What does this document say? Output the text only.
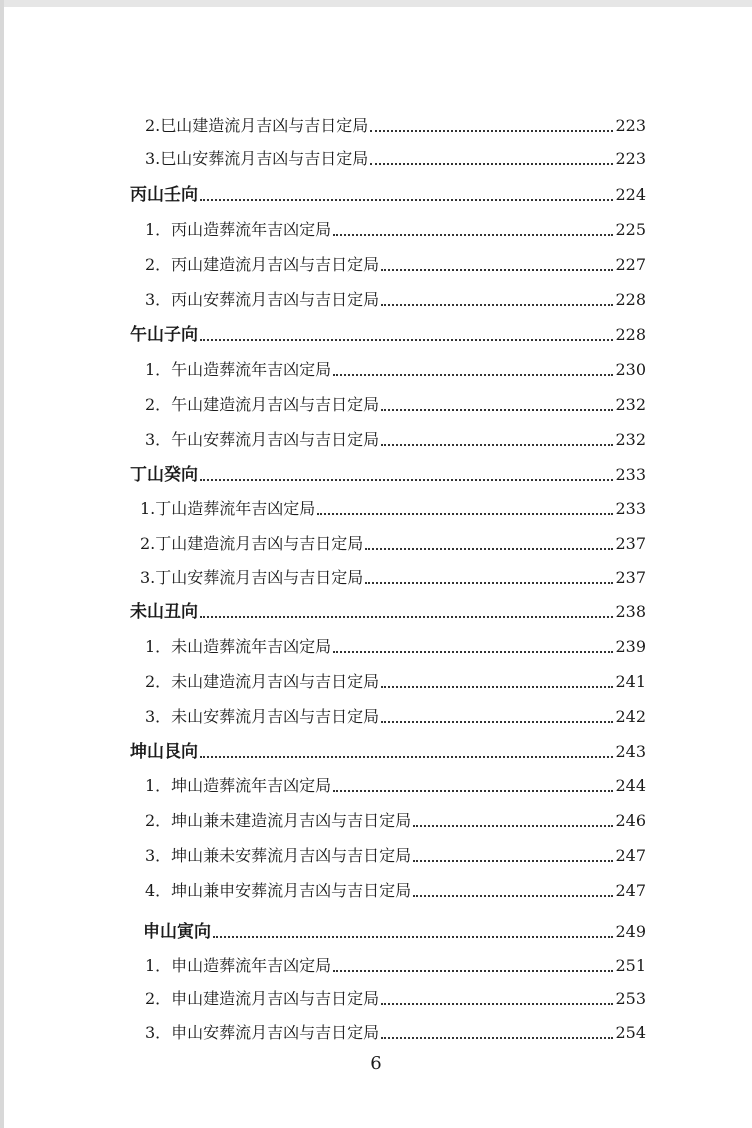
2.巳山建造流月吉凶与吉日定局	223
3.巳山安葬流月吉凶与吉日定局	223
丙山壬向	224
1．丙山造葬流年吉凶定局	225
2．丙山建造流月吉凶与吉日定局	227
3．丙山安葬流月吉凶与吉日定局	228
午山子向	228
1．午山造葬流年吉凶定局	230
2．午山建造流月吉凶与吉日定局	232
3．午山安葬流月吉凶与吉日定局	232
丁山癸向	233
1.丁山造葬流年吉凶定局	233
2.丁山建造流月吉凶与吉日定局	237
3.丁山安葬流月吉凶与吉日定局	237
未山丑向	238
1．未山造葬流年吉凶定局	239
2．未山建造流月吉凶与吉日定局	241
3．未山安葬流月吉凶与吉日定局	242
坤山艮向	243
1．坤山造葬流年吉凶定局	244
2．坤山兼未建造流月吉凶与吉日定局	246
3．坤山兼未安葬流月吉凶与吉日定局	247
4．坤山兼申安葬流月吉凶与吉日定局	247
申山寅向	249
1．申山造葬流年吉凶定局	251
2．申山建造流月吉凶与吉日定局	253
3．申山安葬流月吉凶与吉日定局	254
6
